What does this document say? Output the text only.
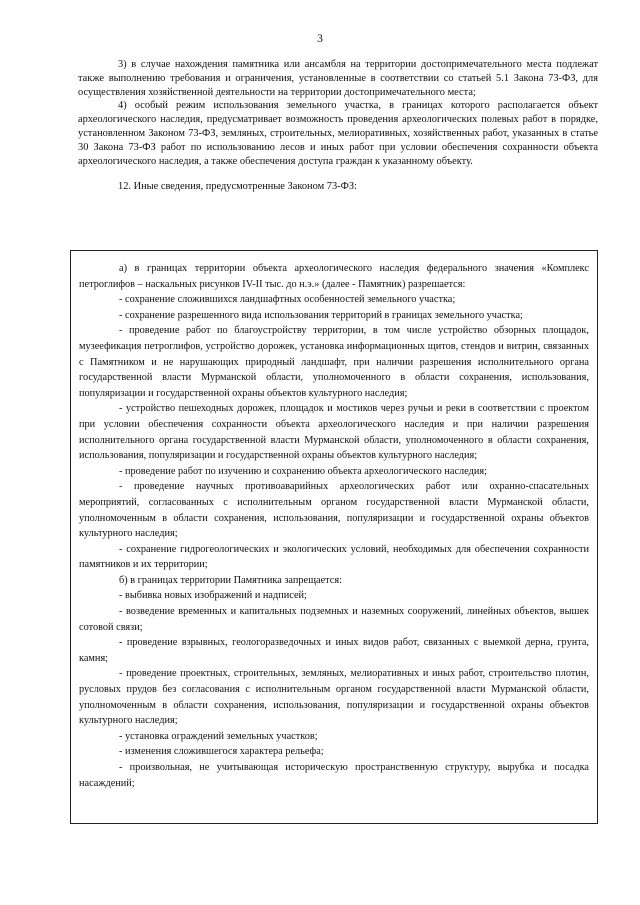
3

3) в случае нахождения памятника или ансамбля на территории достопримечательного места подлежат также выполнению требования и ограничения, установленные в соответствии со статьей 5.1 Закона 73-ФЗ, для осуществления хозяйственной деятельности на территории достопримечательного места;

4) особый режим использования земельного участка, в границах которого располагается объект археологического наследия, предусматривает возможность проведения археологических полевых работ в порядке, установленном Законом 73-ФЗ, земляных, строительных, мелиоративных, хозяйственных работ, указанных в статье 30 Закона 73-ФЗ работ по использованию лесов и иных работ при условии обеспечения сохранности объекта археологического наследия, а также обеспечения доступа граждан к указанному объекту.

12. Иные сведения, предусмотренные Законом 73-ФЗ:

а) в границах территории объекта археологического наследия федерального значения «Комплекс петроглифов – наскальных рисунков IV-II тыс. до н.э.» (далее - Памятник) разрешается:

- сохранение сложившихся ландшафтных особенностей земельного участка;

- сохранение разрешенного вида использования территорий в границах земельного участка;

- проведение работ по благоустройству территории, в том числе устройство обзорных площадок, музеефикация петроглифов, устройство дорожек, установка информационных щитов, стендов и витрин, связанных с Памятником и не нарушающих природный ландшафт, при наличии разрешения исполнительного органа государственной власти Мурманской области, уполномоченного в области сохранения, использования, популяризации и государственной охраны объектов культурного наследия;

- устройство пешеходных дорожек, площадок и мостиков через ручьи и реки в соответствии с проектом при условии обеспечения сохранности объекта археологического наследия и при наличии разрешения исполнительного органа государственной власти Мурманской области, уполномоченного в области сохранения, использования, популяризации и государственной охраны объектов культурного наследия;

- проведение работ по изучению и сохранению объекта археологического наследия;

- проведение научных противоаварийных археологических работ или охранно-спасательных мероприятий, согласованных с исполнительным органом государственной власти Мурманской области, уполномоченным в области сохранения, использования, популяризации и государственной охраны объектов культурного наследия;

- сохранение гидрогеологических и экологических условий, необходимых для обеспечения сохранности памятников и их территории;

б) в границах территории Памятника запрещается:

- выбивка новых изображений и надписей;

- возведение временных и капитальных подземных и наземных сооружений, линейных объектов, вышек сотовой связи;

- проведение взрывных, геологоразведочных и иных видов работ, связанных с выемкой дерна, грунта, камня;

- проведение проектных, строительных, земляных, мелиоративных и иных работ, строительство плотин, русловых прудов без согласования с исполнительным органом государственной власти Мурманской области, уполномоченным в области сохранения, использования, популяризации и государственной охраны объектов культурного наследия;

- установка ограждений земельных участков;

- изменения сложившегося характера рельефа;

- произвольная, не учитывающая историческую пространственную структуру, вырубка и посадка насаждений;
